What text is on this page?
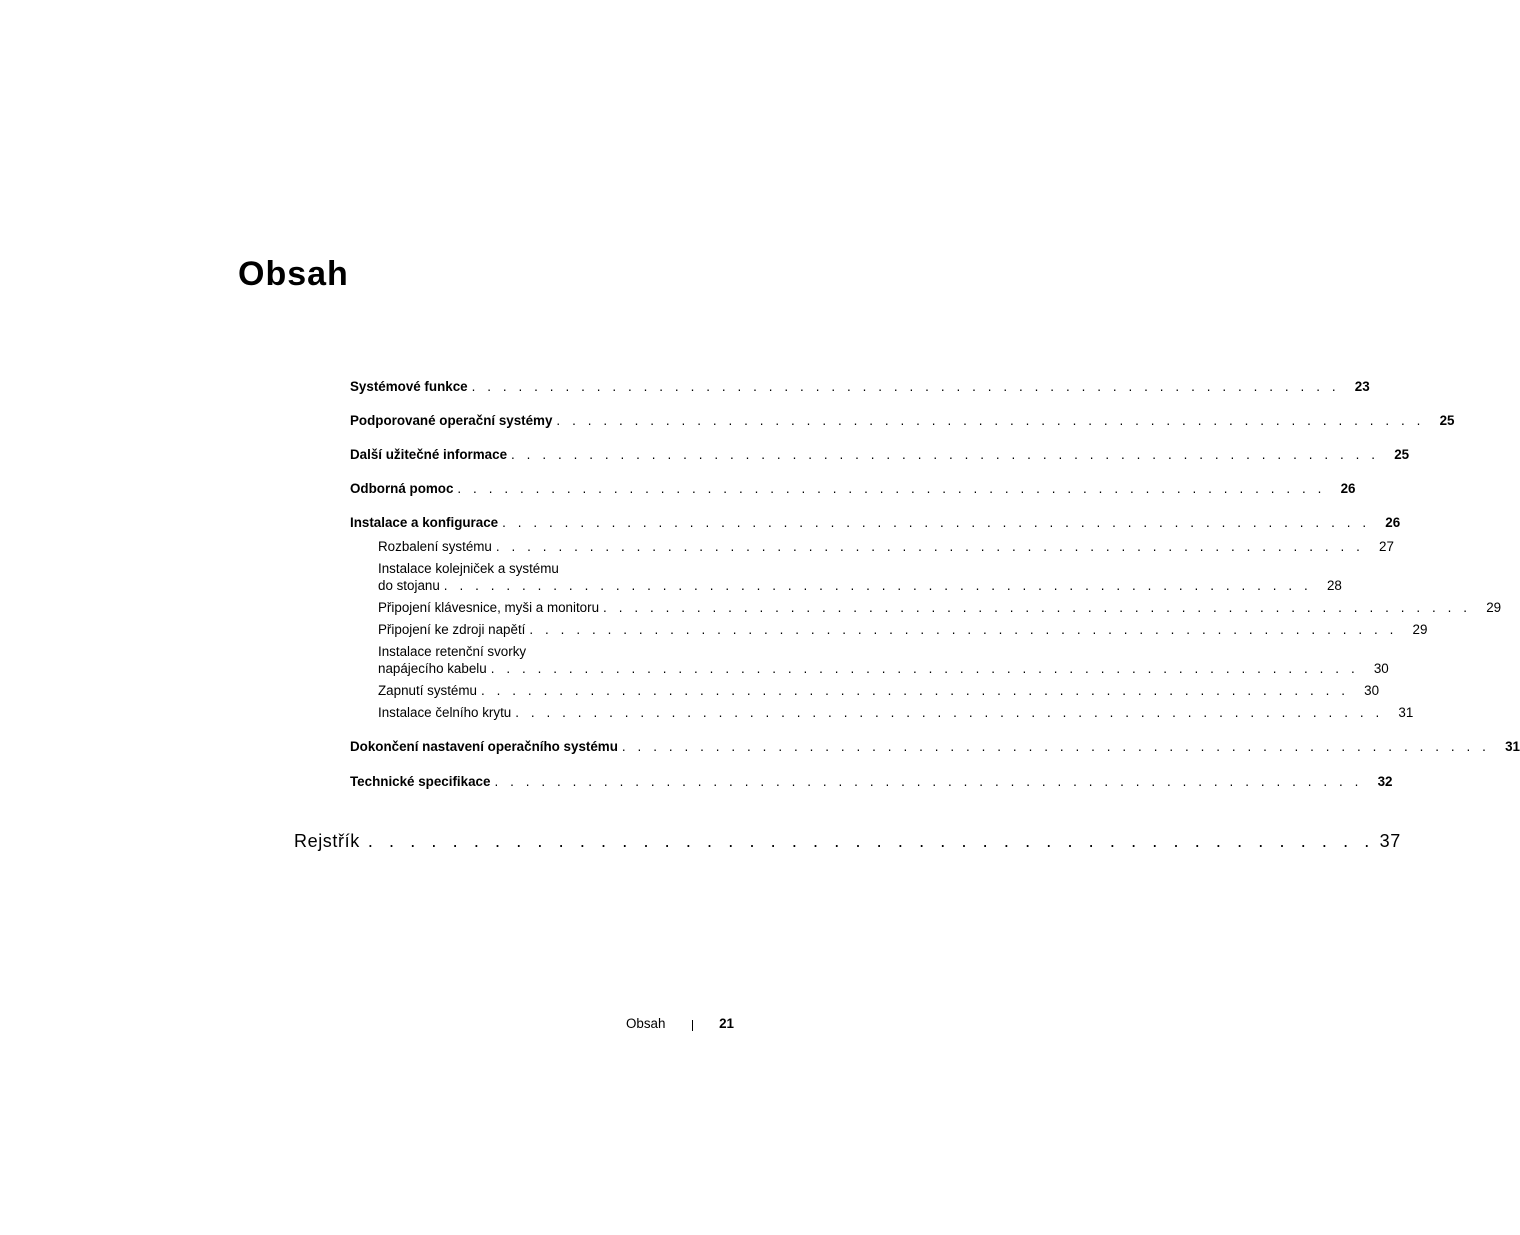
Obsah
Systémové funkce . . . . . . . . . . . . . . . . . . . . . . . . . . . . . . . . . . . . . . . . . . . . . . . . . . . . . . . .	23
Podporované operační systémy . . . . . . . . . . . . . . . . . . . . . . . . . . . . . . . . . . . . . . . . . . . . . . . . . . . . . . . .	25
Další užitečné informace . . . . . . . . . . . . . . . . . . . . . . . . . . . . . . . . . . . . . . . . . . . . . . . . . . . . . . . .	25
Odborná pomoc . . . . . . . . . . . . . . . . . . . . . . . . . . . . . . . . . . . . . . . . . . . . . . . . . . . . . . . .	26
Instalace a konfigurace . . . . . . . . . . . . . . . . . . . . . . . . . . . . . . . . . . . . . . . . . . . . . . . . . . . . . . . .	26
Rozbalení systému . . . . . . . . . . . . . . . . . . . . . . . . . . . . . . . . . . . . . . . . . . . . . . . . . . . . . . . .	27
Instalace kolejniček a systému
do stojanu . . . . . . . . . . . . . . . . . . . . . . . . . . . . . . . . . . . . . . . . . . . . . . . . . . . . . . . .	28
Připojení klávesnice, myši a monitoru . . . . . . . . . . . . . . . . . . . . . . . . . . . . . . . . . . . . . . . . . . . . . . . . . . . . . . . .	29
Připojení ke zdroji napětí . . . . . . . . . . . . . . . . . . . . . . . . . . . . . . . . . . . . . . . . . . . . . . . . . . . . . . . .	29
Instalace retenční svorky
napájecího kabelu . . . . . . . . . . . . . . . . . . . . . . . . . . . . . . . . . . . . . . . . . . . . . . . . . . . . . . . .	30
Zapnutí systému . . . . . . . . . . . . . . . . . . . . . . . . . . . . . . . . . . . . . . . . . . . . . . . . . . . . . . . .	30
Instalace čelního krytu . . . . . . . . . . . . . . . . . . . . . . . . . . . . . . . . . . . . . . . . . . . . . . . . . . . . . . . .	31
Dokončení nastavení operačního systému . . . . . . . . . . . . . . . . . . . . . . . . . . . . . . . . . . . . . . . . . . . . . . . . . . . . . . . .	31
Technické specifikace . . . . . . . . . . . . . . . . . . . . . . . . . . . . . . . . . . . . . . . . . . . . . . . . . . . . . . . .	32
Rejstřík . . . . . . . . . . . . . . . . . . . . . . . . . . . . . . . . . . . . . . . . . . . . . . . . 37
Obsah	21
